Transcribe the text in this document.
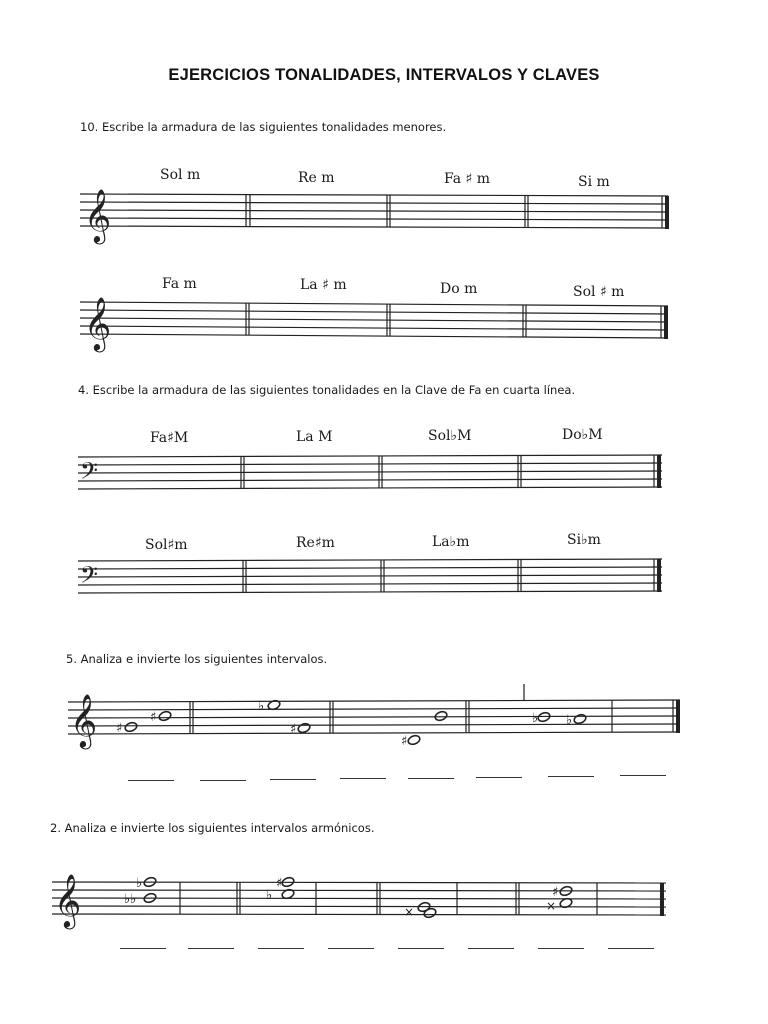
EJERCICIOS TONALIDADES, INTERVALOS Y CLAVES
10. Escribe la armadura de las siguientes tonalidades menores.
Sol m	Re m	Fa ♯ m	Si m
𝄞
Fa m	La ♯ m	Do m	Sol ♯ m
𝄞
4. Escribe la armadura de las siguientes tonalidades en la Clave de Fa en cuarta línea.
Fa♯M	La M	Sol♭M	Do♭M
𝄢
Sol♯m	Re♯m	La♭m	Si♭m
𝄢
5. Analiza e invierte los siguientes intervalos.
𝄞 ♯
♯
♭
♯
♯
♭ ♭
2. Analiza e invierte los siguientes intervalos armónicos.
𝄞	♭
♭♭
♯
♭
×
♯
×
